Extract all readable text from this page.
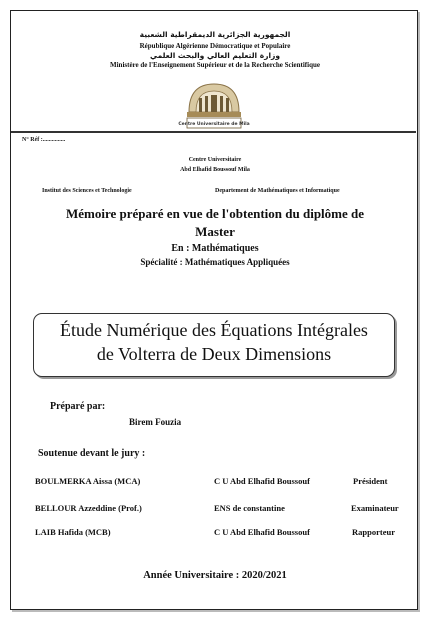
الجمهورية الجزائرية الديمقراطية الشعبية
République Algérienne Démocratique et Populaire
وزارة التعليم العالي والبحث العلمي
Ministère de l'Enseignement Supérieur et de la Recherche Scientifique
Centre Universitaire de Mila
N° Réf :...............
Centre Universitaire
Abd Elhafid Boussouf Mila
Institut des Sciences et Technologie	Departement de Mathématiques et Informatique
Mémoire préparé en vue de l'obtention du diplôme de
Master
En : Mathématiques
Spécialité : Mathématiques Appliquées
Étude Numérique des Équations Intégrales
de Volterra de Deux Dimensions
Préparé par:
Birem Fouzia
Soutenue devant le jury :
BOULMERKA Aissa (MCA)	C U Abd Elhafid Boussouf	Président
BELLOUR Azzeddine (Prof.)	ENS de constantine	Examinateur
LAIB Hafida (MCB)	C U Abd Elhafid Boussouf	Rapporteur
Année Universitaire : 2020/2021
